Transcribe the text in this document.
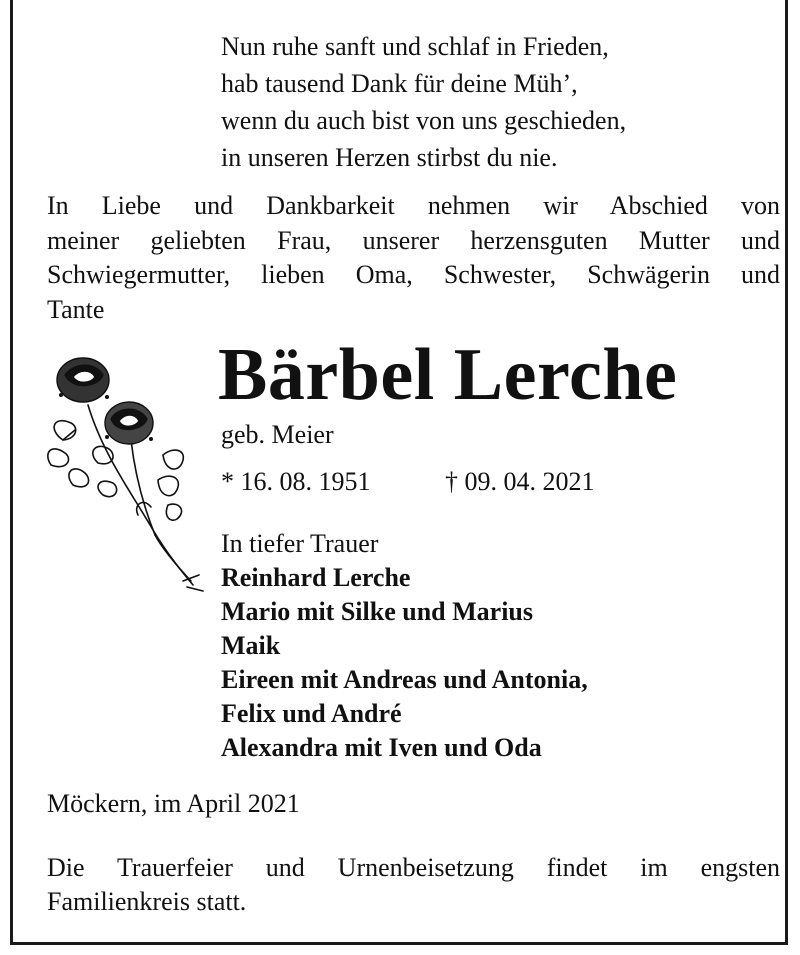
Nun ruhe sanft und schlaf in Frieden,
hab tausend Dank für deine Müh’,
wenn du auch bist von uns geschieden,
in unseren Herzen stirbst du nie.
In Liebe und Dankbarkeit nehmen wir Abschied von
meiner geliebten Frau, unserer herzensguten Mutter und
Schwiegermutter, lieben Oma, Schwester, Schwägerin und
Tante
Bärbel Lerche
geb. Meier
* 16. 08. 1951	† 09. 04. 2021
In tiefer Trauer
Reinhard Lerche
Mario mit Silke und Marius
Maik
Eireen mit Andreas und Antonia,
Felix und André
Alexandra mit Iven und Oda
Möckern, im April 2021
Die Trauerfeier und Urnenbeisetzung findet im engsten
Familienkreis statt.
